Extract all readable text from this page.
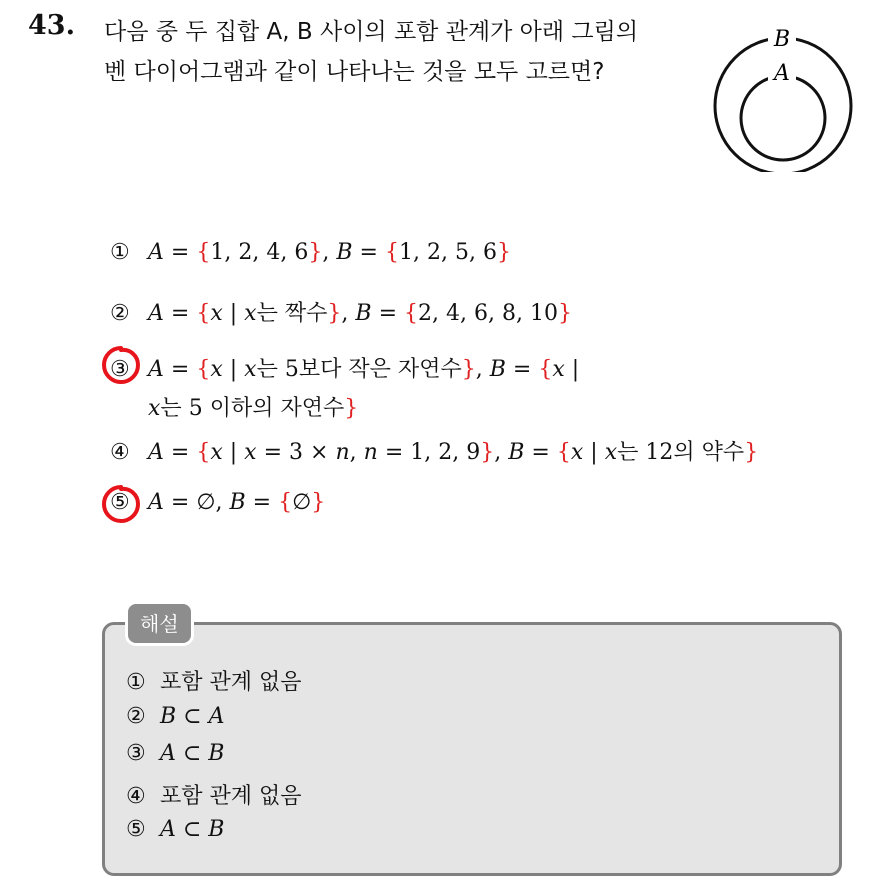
43. 다음 중 두 집합 A, B 사이의 포함 관계가 아래 그림의
벤 다이어그램과 같이 나타나는 것을 모두 고르면?
B
A
① A = {1, 2, 4, 6}, B = {1, 2, 5, 6}
② A = {x | x는 짝수}, B = {2, 4, 6, 8, 10}
③ A = {x | x는 5보다 작은 자연수}, B = {x |
x는 5 이하의 자연수}
④ A = {x | x = 3 × n, n = 1, 2, 9}, B = {x | x는 12의 약수}
⑤ A = ∅, B = {∅}
해설
① 포함 관계 없음
② B ⊂ A
③ A ⊂ B
④ 포함 관계 없음
⑤ A ⊂ B
